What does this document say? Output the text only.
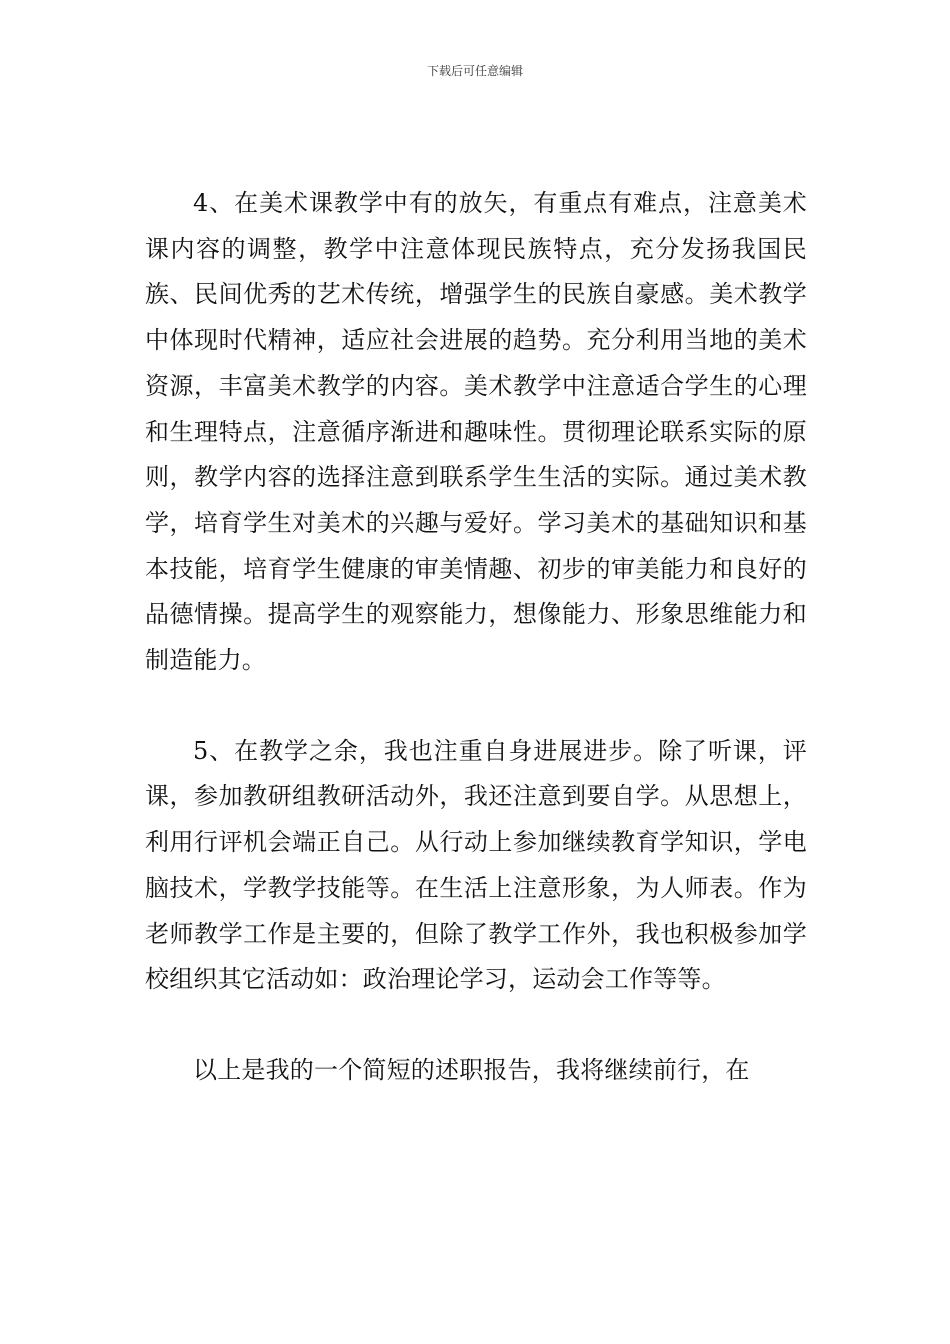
下载后可任意编辑

4、在美术课教学中有的放矢，有重点有难点，注意美术课内容的调整，教学中注意体现民族特点，充分发扬我国民族、民间优秀的艺术传统，增强学生的民族自豪感。美术教学中体现时代精神，适应社会进展的趋势。充分利用当地的美术资源，丰富美术教学的内容。美术教学中注意适合学生的心理和生理特点，注意循序渐进和趣味性。贯彻理论联系实际的原则，教学内容的选择注意到联系学生生活的实际。通过美术教学，培育学生对美术的兴趣与爱好。学习美术的基础知识和基本技能，培育学生健康的审美情趣、初步的审美能力和良好的品德情操。提高学生的观察能力，想像能力、形象思维能力和制造能力。

5、在教学之余，我也注重自身进展进步。除了听课，评课，参加教研组教研活动外，我还注意到要自学。从思想上，利用行评机会端正自己。从行动上参加继续教育学知识，学电脑技术，学教学技能等。在生活上注意形象，为人师表。作为老师教学工作是主要的，但除了教学工作外，我也积极参加学校组织其它活动如：政治理论学习，运动会工作等等。

以上是我的一个简短的述职报告，我将继续前行，在
